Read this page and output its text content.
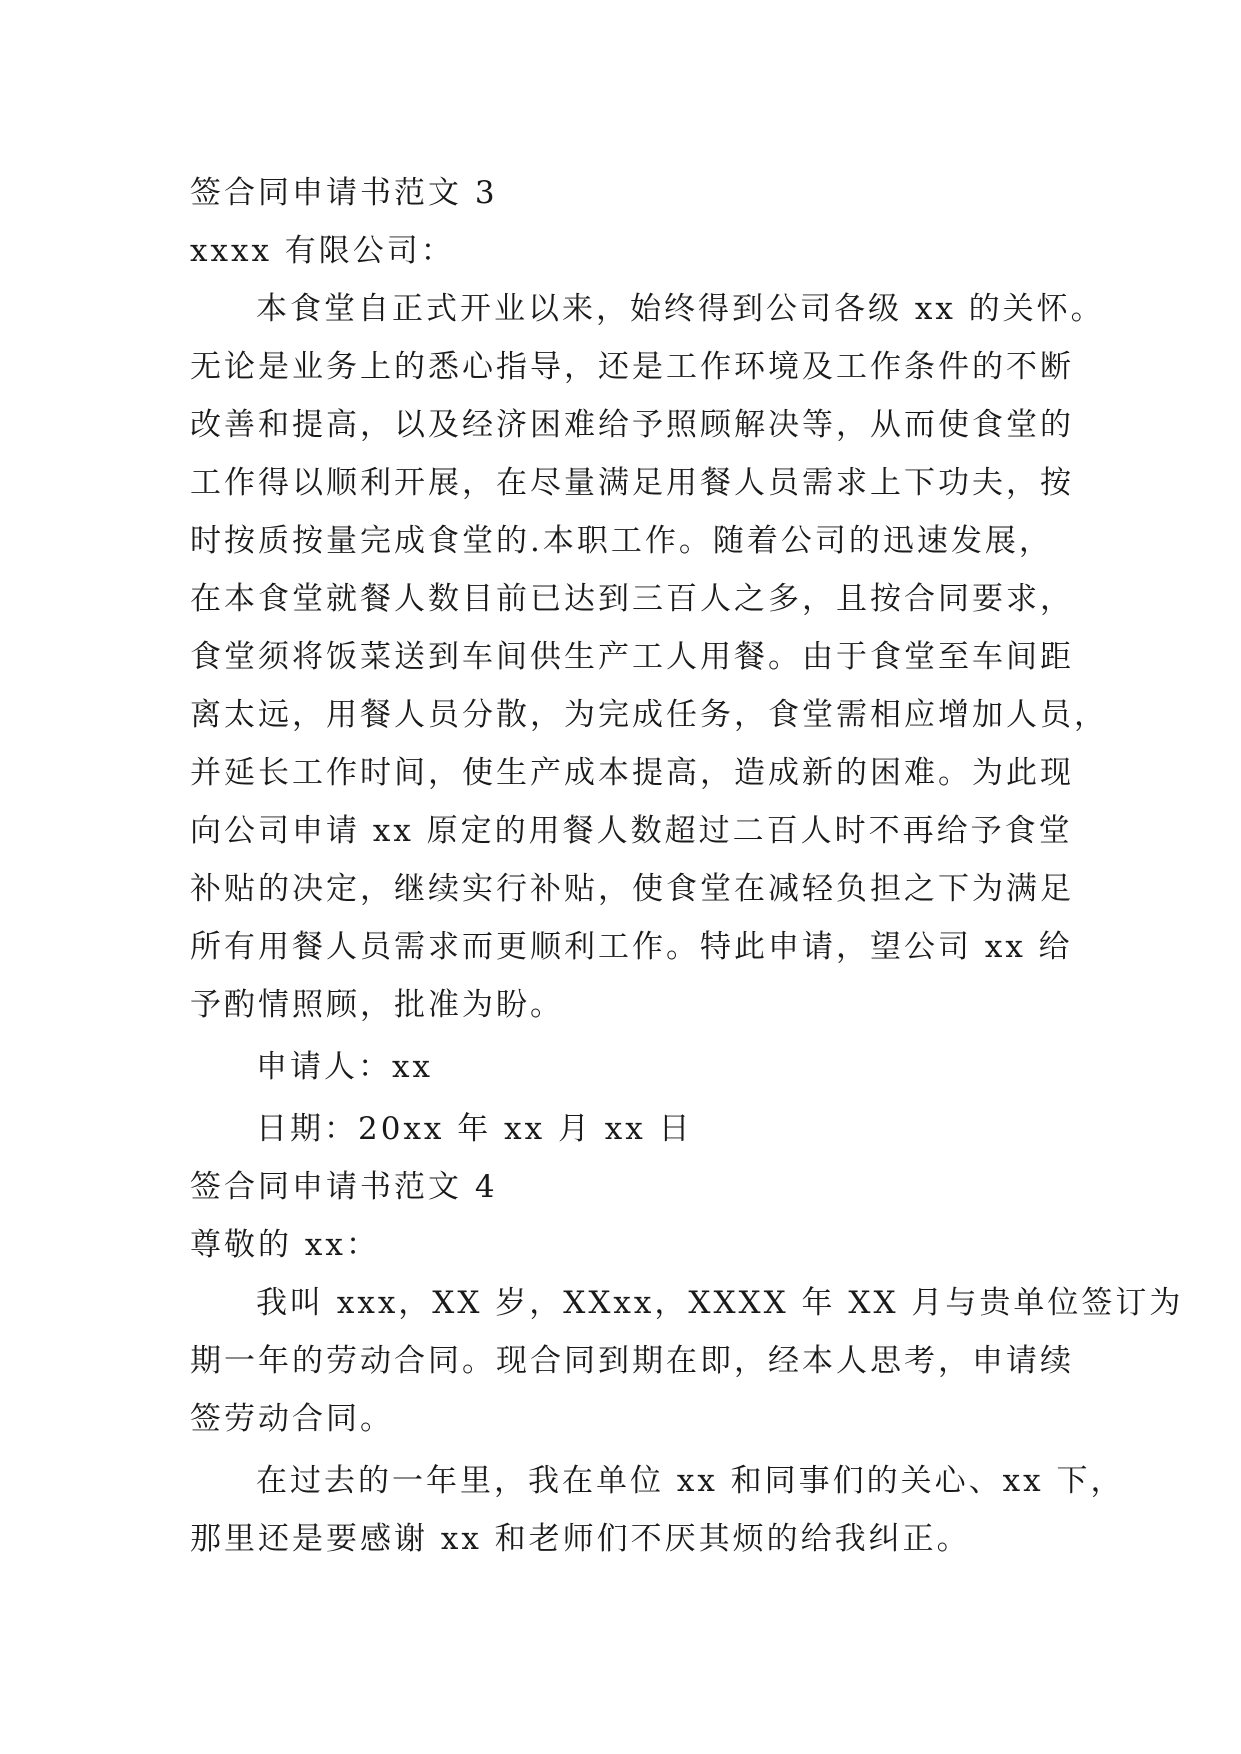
签合同申请书范文 3
xxxx 有限公司：
本食堂自正式开业以来，始终得到公司各级 xx 的关怀。
无论是业务上的悉心指导，还是工作环境及工作条件的不断
改善和提高，以及经济困难给予照顾解决等，从而使食堂的
工作得以顺利开展，在尽量满足用餐人员需求上下功夫，按
时按质按量完成食堂的.本职工作。随着公司的迅速发展，
在本食堂就餐人数目前已达到三百人之多，且按合同要求，
食堂须将饭菜送到车间供生产工人用餐。由于食堂至车间距
离太远，用餐人员分散，为完成任务，食堂需相应增加人员，
并延长工作时间，使生产成本提高，造成新的困难。为此现
向公司申请 xx 原定的用餐人数超过二百人时不再给予食堂
补贴的决定，继续实行补贴，使食堂在减轻负担之下为满足
所有用餐人员需求而更顺利工作。特此申请，望公司 xx 给
予酌情照顾，批准为盼。
申请人：xx
日期：20xx 年 xx 月 xx 日
签合同申请书范文 4
尊敬的 xx：
我叫 xxx，XX 岁，XXxx，XXXX 年 XX 月与贵单位签订为
期一年的劳动合同。现合同到期在即，经本人思考，申请续
签劳动合同。
在过去的一年里，我在单位 xx 和同事们的关心、xx 下，
那里还是要感谢 xx 和老师们不厌其烦的给我纠正。
